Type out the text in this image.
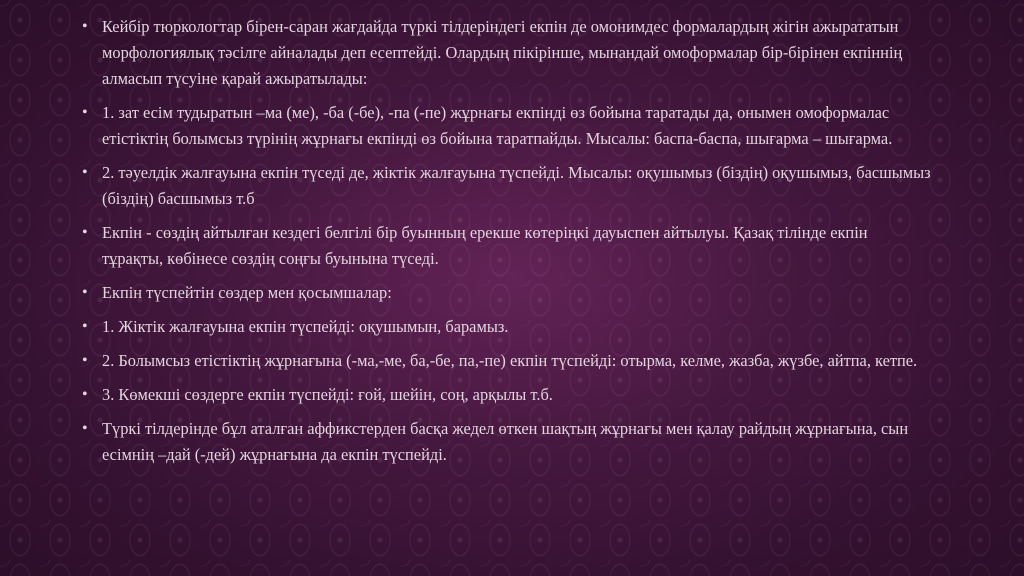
• Кейбір тюркологтар бірен-саран жағдайда түркі тілдеріндегі екпін де омонимдес формалардың жігін ажырататын морфологиялық тәсілге айналады деп есептейді. Олардың пікірінше, мынандай омоформалар бір-бірінен екпіннің алмасып түсуіне қарай ажыратылады:
• 1. зат есім тудыратын –ма (ме), -ба (-бе), -па (-пе) жұрнағы екпінді өз бойына таратады да, онымен омоформалас етістіктің болымсыз түрінің жұрнағы екпінді өз бойына таратпайды. Мысалы: баспа-баспа, шығарма – шығарма.
• 2. тәуелдік жалғауына екпін түседі де, жіктік жалғауына түспейді. Мысалы: оқушымыз (біздің) оқушымыз, басшымыз (біздің) басшымыз т.б
• Екпін - сөздің айтылған кездегі белгілі бір буынның ерекше көтеріңкі дауыспен айтылуы. Қазақ тілінде екпін тұрақты, көбінесе сөздің соңғы буынына түседі.
• Екпін түспейтін сөздер мен қосымшалар:
• 1. Жіктік жалғауына екпін түспейді: оқушымын, барамыз.
• 2. Болымсыз етістіктің жұрнағына (-ма,-ме, ба,-бе, па,-пе) екпін түспейді: отырма, келме, жазба, жүзбе, айтпа, кетпе.
• 3. Көмекші сөздерге екпін түспейді: ғой, шейін, соң, арқылы т.б.
• Түркі тілдерінде бұл аталған аффикстерден басқа жедел өткен шақтың жұрнағы мен қалау райдың жұрнағына, сын есімнің –дай (-дей) жұрнағына да екпін түспейді.
